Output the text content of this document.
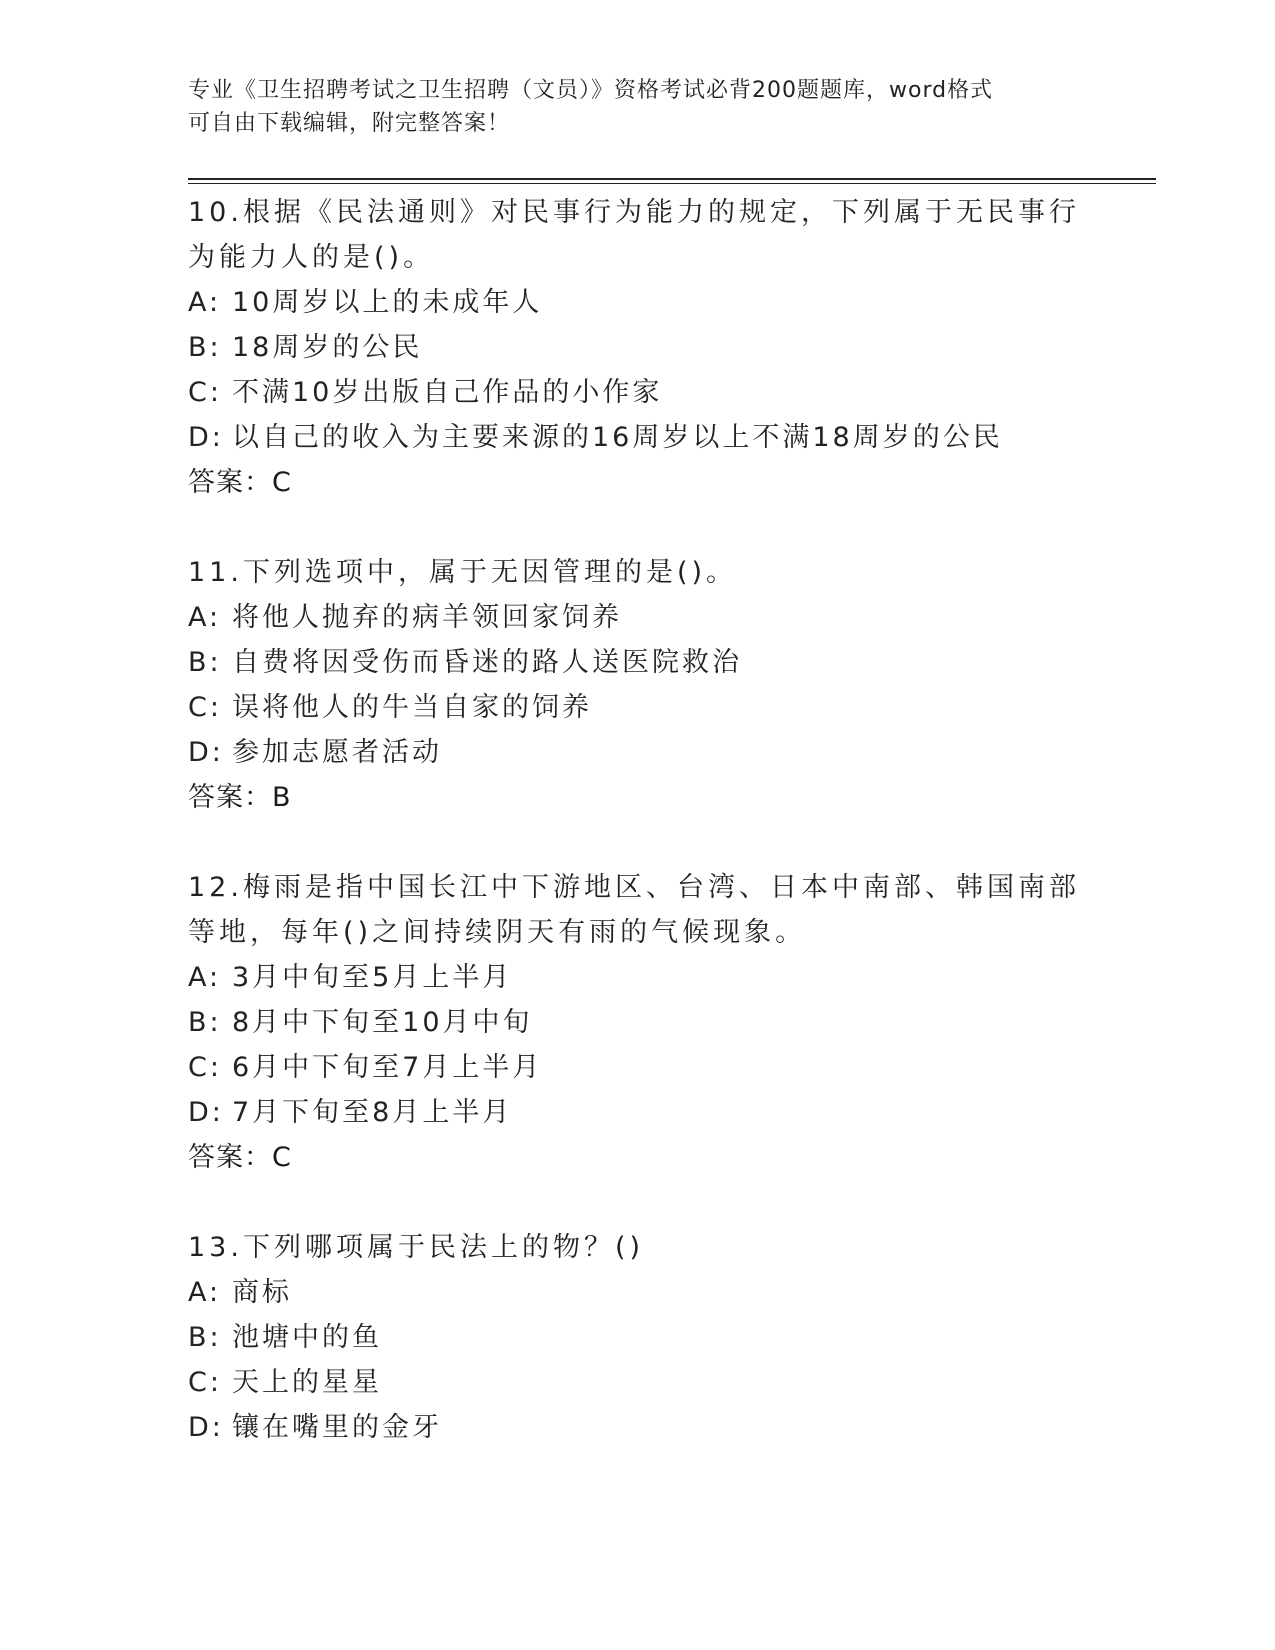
专业《卫生招聘考试之卫生招聘（文员）》资格考试必背200题题库，word格式
可自由下载编辑，附完整答案！

10.根据《民法通则》对民事行为能力的规定，下列属于无民事行为能力人的是()。

A: 10周岁以上的未成年人

B: 18周岁的公民

C: 不满10岁出版自己作品的小作家

D: 以自己的收入为主要来源的16周岁以上不满18周岁的公民

答案：C

11.下列选项中，属于无因管理的是()。

A: 将他人抛弃的病羊领回家饲养

B: 自费将因受伤而昏迷的路人送医院救治

C: 误将他人的牛当自家的饲养

D: 参加志愿者活动

答案：B

12.梅雨是指中国长江中下游地区、台湾、日本中南部、韩国南部等地，每年()之间持续阴天有雨的气候现象。

A: 3月中旬至5月上半月

B: 8月中下旬至10月中旬

C: 6月中下旬至7月上半月

D: 7月下旬至8月上半月

答案：C

13.下列哪项属于民法上的物？()

A: 商标

B: 池塘中的鱼

C: 天上的星星

D: 镶在嘴里的金牙
